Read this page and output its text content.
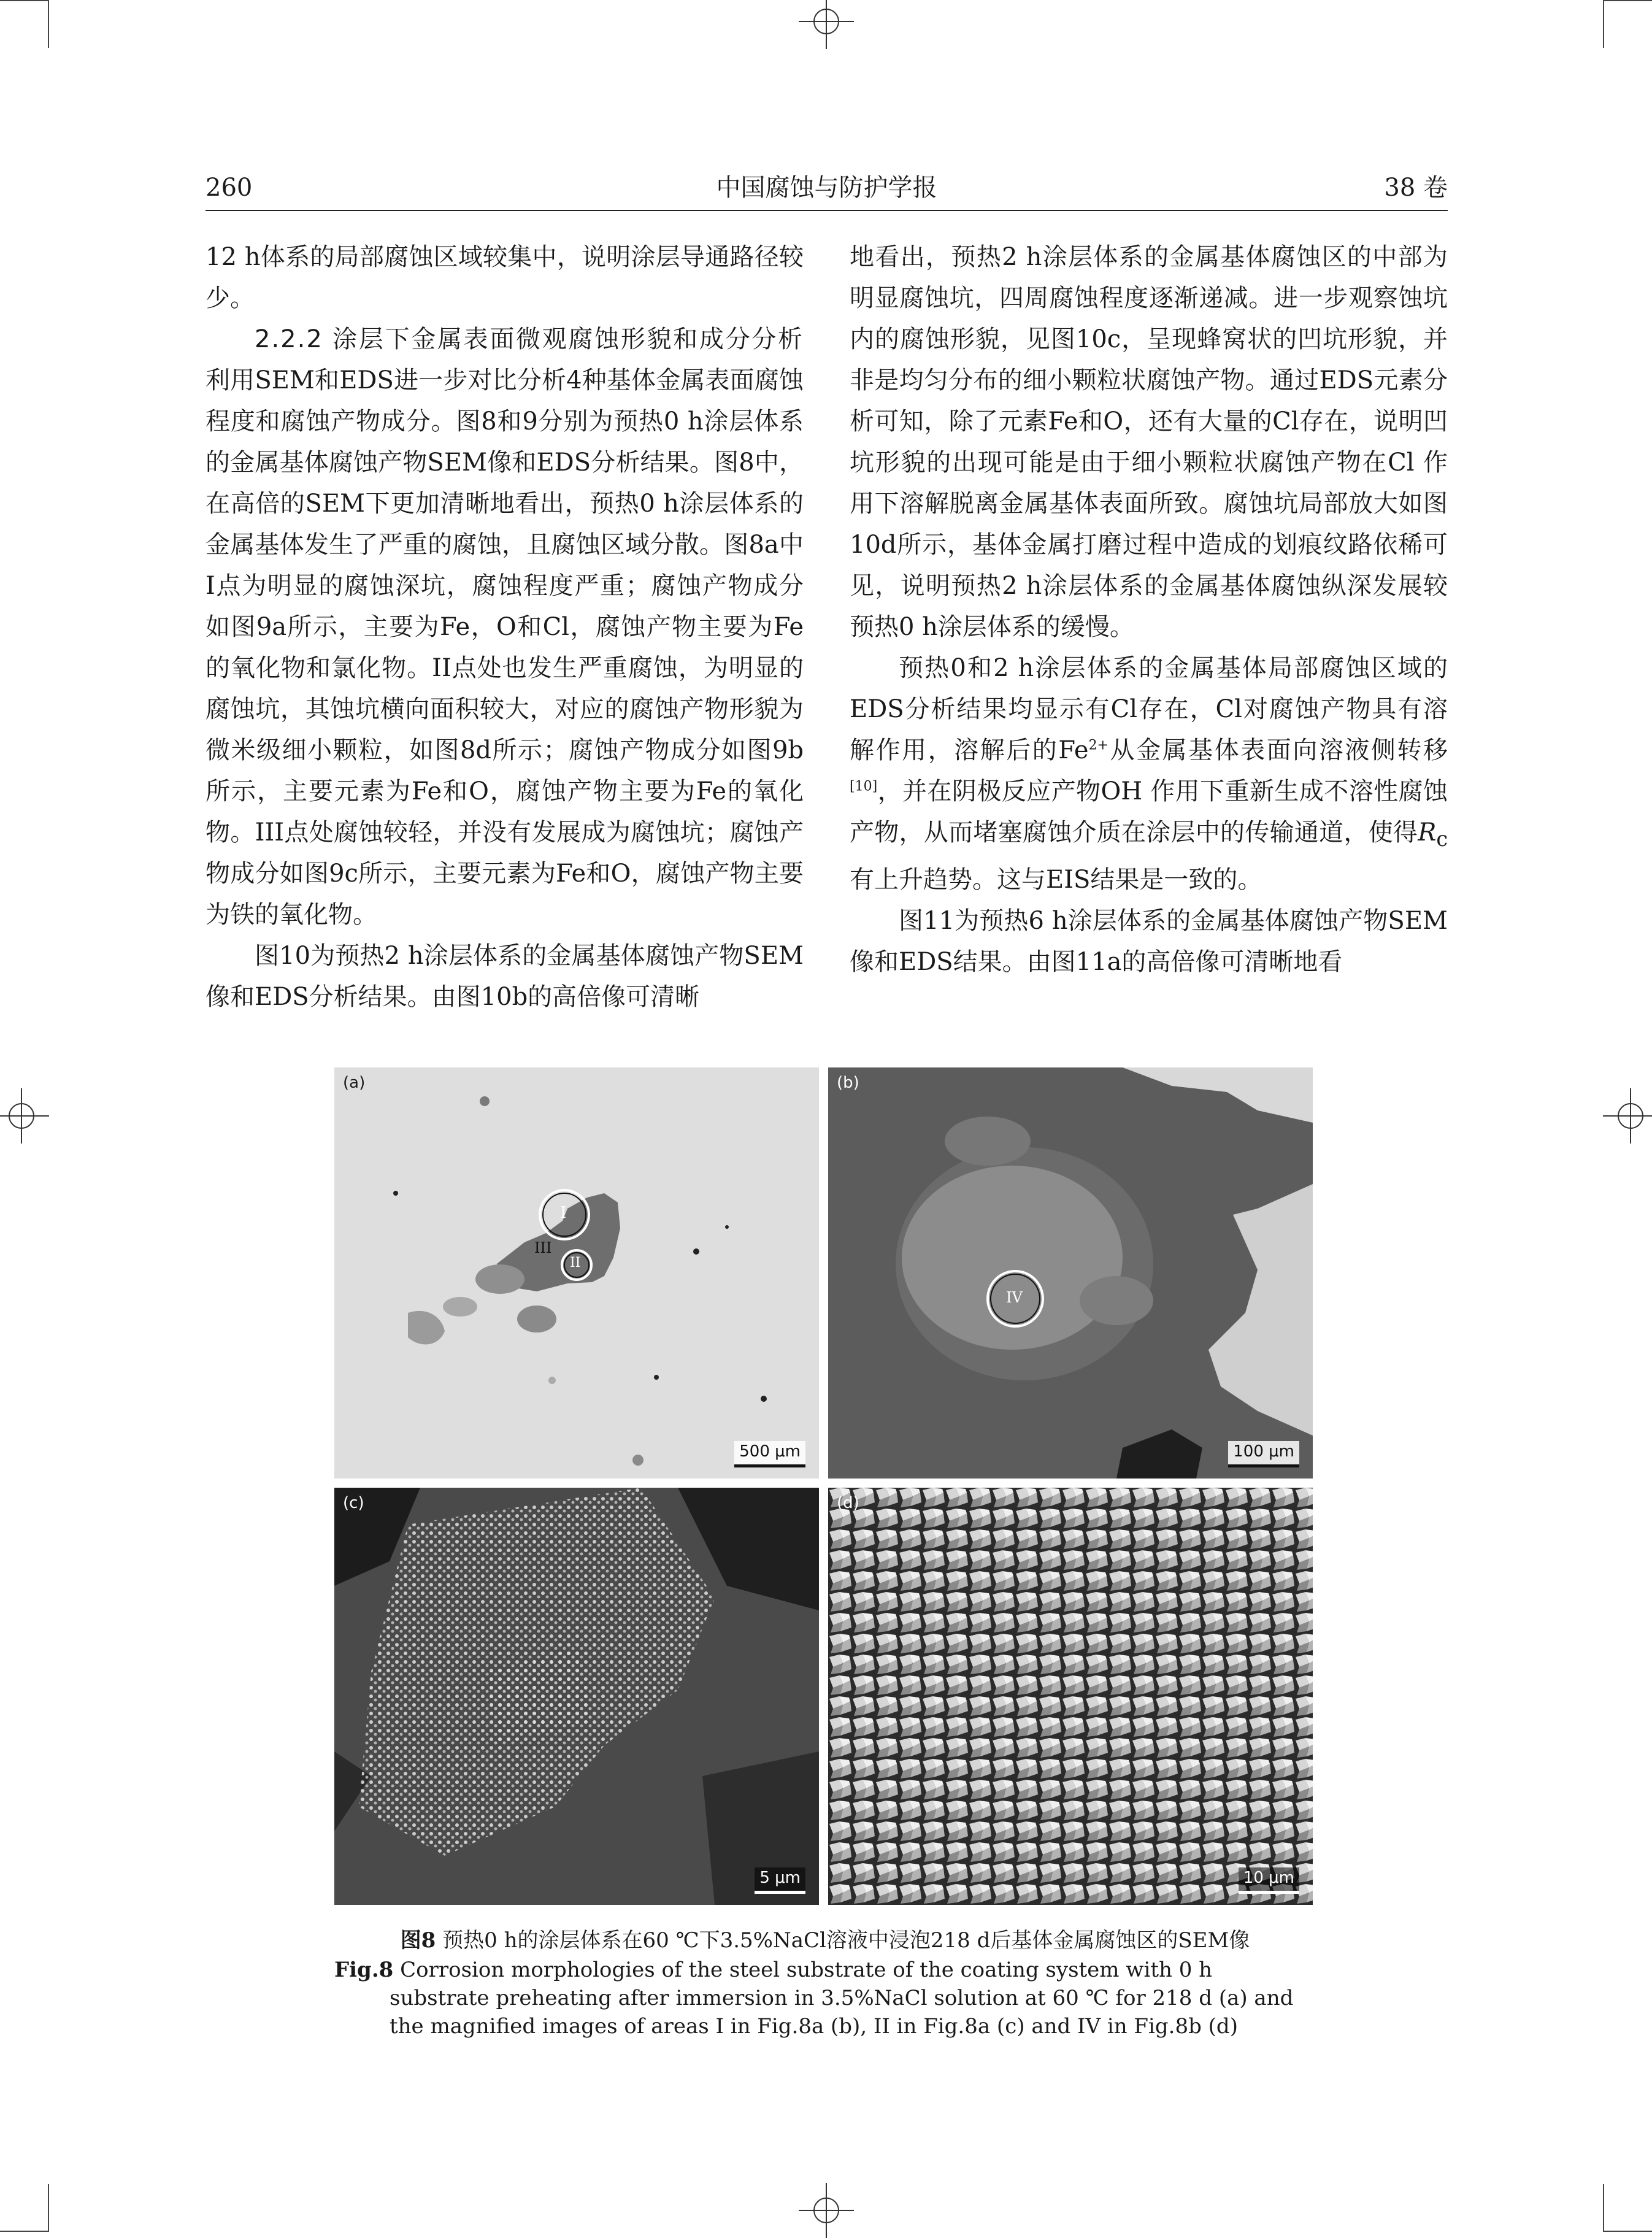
260	中国腐蚀与防护学报	38 卷

12 h体系的局部腐蚀区域较集中，说明涂层导通路径较少。

2.2.2 涂层下金属表面微观腐蚀形貌和成分分析　利用SEM和EDS进一步对比分析4种基体金属表面腐蚀程度和腐蚀产物成分。图8和9分别为预热0 h涂层体系的金属基体腐蚀产物SEM像和EDS分析结果。图8中，在高倍的SEM下更加清晰地看出，预热0 h涂层体系的金属基体发生了严重的腐蚀，且腐蚀区域分散。图8a中I点为明显的腐蚀深坑，腐蚀程度严重；腐蚀产物成分如图9a所示，主要为Fe，O和Cl，腐蚀产物主要为Fe的氧化物和氯化物。II点处也发生严重腐蚀，为明显的腐蚀坑，其蚀坑横向面积较大，对应的腐蚀产物形貌为微米级细小颗粒，如图8d所示；腐蚀产物成分如图9b所示，主要元素为Fe和O，腐蚀产物主要为Fe的氧化物。III点处腐蚀较轻，并没有发展成为腐蚀坑；腐蚀产物成分如图9c所示，主要元素为Fe和O，腐蚀产物主要为铁的氧化物。

图10为预热2 h涂层体系的金属基体腐蚀产物SEM像和EDS分析结果。由图10b的高倍像可清晰

地看出，预热2 h涂层体系的金属基体腐蚀区的中部为明显腐蚀坑，四周腐蚀程度逐渐递减。进一步观察蚀坑内的腐蚀形貌，见图10c，呈现蜂窝状的凹坑形貌，并非是均匀分布的细小颗粒状腐蚀产物。通过EDS元素分析可知，除了元素Fe和O，还有大量的Cl存在，说明凹坑形貌的出现可能是由于细小颗粒状腐蚀产物在Cl 作用下溶解脱离金属基体表面所致。腐蚀坑局部放大如图10d所示，基体金属打磨过程中造成的划痕纹路依稀可见，说明预热2 h涂层体系的金属基体腐蚀纵深发展较预热0 h涂层体系的缓慢。

预热0和2 h涂层体系的金属基体局部腐蚀区域的EDS分析结果均显示有Cl存在，Cl对腐蚀产物具有溶解作用，溶解后的$Fe^{2+}$从金属基体表面向溶液侧转移[10]，并在阴极反应产物OH 作用下重新生成不溶性腐蚀产物，从而堵塞腐蚀介质在涂层中的传输通道，使得$R_c$有上升趋势。这与EIS结果是一致的。

图11为预热6 h涂层体系的金属基体腐蚀产物SEM像和EDS结果。由图11a的高倍像可清晰地看

(a)
I
II
III
500 μm
(b)
IV
100 μm
(c)
5 μm
(d)
10 μm
图8 预热0 h的涂层体系在60 ℃下3.5%NaCl溶液中浸泡218 d后基体金属腐蚀区的SEM像
Fig.8 Corrosion morphologies of the steel substrate of the coating system with 0 h substrate preheating after immersion in 3.5%NaCl solution at 60 ℃ for 218 d (a) and the magnified images of areas I in Fig.8a (b), II in Fig.8a (c) and IV in Fig.8b (d)
